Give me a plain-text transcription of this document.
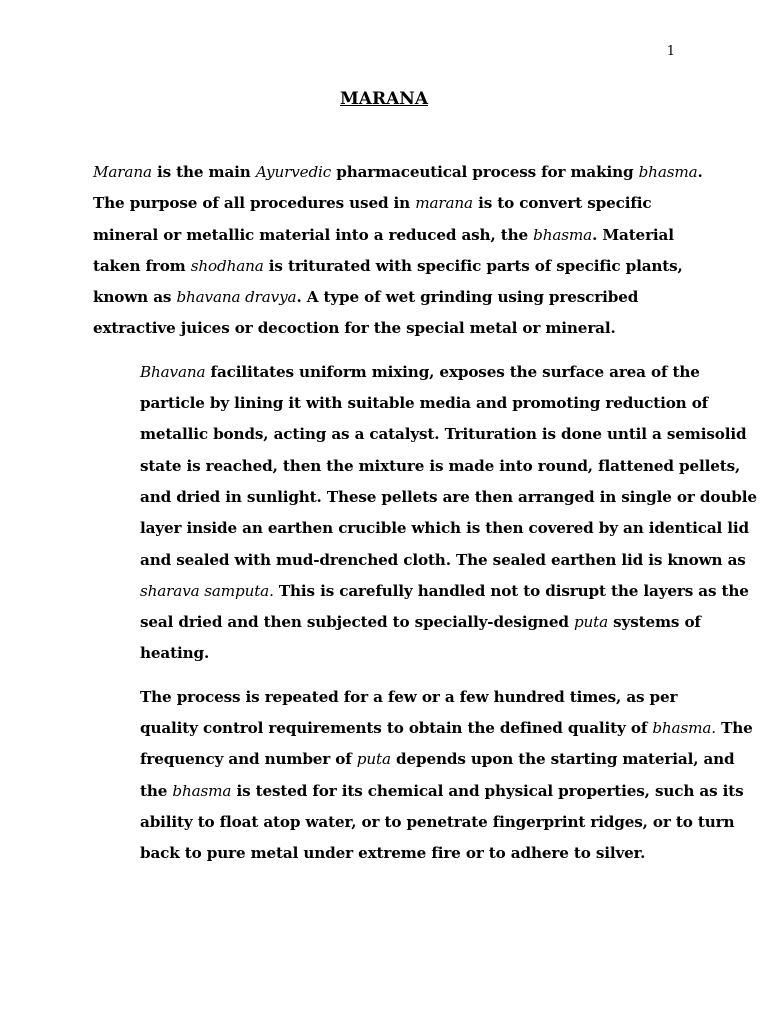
1
MARANA
Marana is the main Ayurvedic pharmaceutical process for making bhasma.
The purpose of all procedures used in marana is to convert specific
mineral or metallic material into a reduced ash, the bhasma. Material
taken from shodhana is triturated with specific parts of specific plants,
known as bhavana dravya. A type of wet grinding using prescribed
extractive juices or decoction for the special metal or mineral.
Bhavana facilitates uniform mixing, exposes the surface area of the
particle by lining it with suitable media and promoting reduction of
metallic bonds, acting as a catalyst. Trituration is done until a semisolid
state is reached, then the mixture is made into round, flattened pellets,
and dried in sunlight. These pellets are then arranged in single or double
layer inside an earthen crucible which is then covered by an identical lid
and sealed with mud-drenched cloth. The sealed earthen lid is known as
sharava samputa. This is carefully handled not to disrupt the layers as the
seal dried and then subjected to specially-designed puta systems of
heating.
The process is repeated for a few or a few hundred times, as per
quality control requirements to obtain the defined quality of bhasma. The
frequency and number of puta depends upon the starting material, and
the bhasma is tested for its chemical and physical properties, such as its
ability to float atop water, or to penetrate fingerprint ridges, or to turn
back to pure metal under extreme fire or to adhere to silver.
